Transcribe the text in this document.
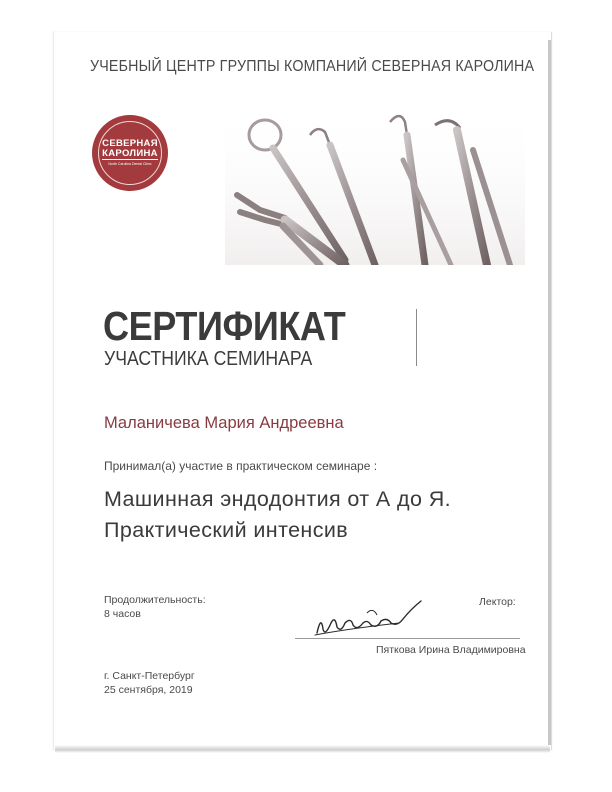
УЧЕБНЫЙ ЦЕНТР ГРУППЫ КОМПАНИЙ СЕВЕРНАЯ КАРОЛИНА
СЕВЕРНАЯ
КАРОЛИНА
North Carolina Dental Clinic
СЕРТИФИКАТ
УЧАСТНИКА СЕМИНАРА
Маланичева Мария Андреевна
Принимал(а) участие в практическом семинаре :
Машинная эндодонтия от А до Я.
Практический интенсив
Продолжительность:
8 часов
Лектор:
Пяткова Ирина Владимировна
г. Санкт-Петербург
25 сентября, 2019
